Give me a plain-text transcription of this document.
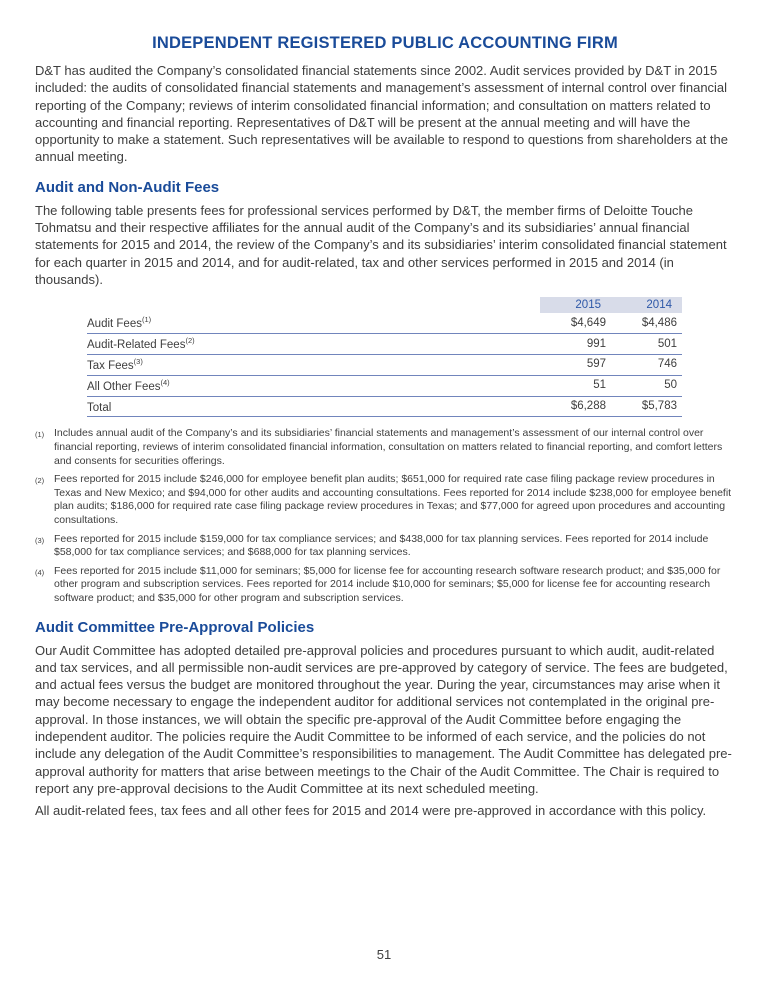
INDEPENDENT REGISTERED PUBLIC ACCOUNTING FIRM

D&T has audited the Company’s consolidated financial statements since 2002. Audit services provided by D&T in 2015 included: the audits of consolidated financial statements and management’s assessment of internal control over financial reporting of the Company; reviews of interim consolidated financial information; and consultation on matters related to accounting and financial reporting. Representatives of D&T will be present at the annual meeting and will have the opportunity to make a statement. Such representatives will be available to respond to questions from shareholders at the annual meeting.

Audit and Non-Audit Fees

The following table presents fees for professional services performed by D&T, the member firms of Deloitte Touche Tohmatsu and their respective affiliates for the annual audit of the Company’s and its subsidiaries’ annual financial statements for 2015 and 2014, the review of the Company’s and its subsidiaries’ interim consolidated financial statement for each quarter in 2015 and 2014, and for audit-related, tax and other services performed in 2015 and 2014 (in thousands).

	2015	2014
Audit Fees$^{(1)}$	$4,649	$4,486
Audit-Related Fees$^{(2)}$	991	501
Tax Fees$^{(3)}$	597	746
All Other Fees$^{(4)}$	51	50
Total	$6,288	$5,783
(1) Includes annual audit of the Company’s and its subsidiaries’ financial statements and management’s assessment of our internal control over financial reporting, reviews of interim consolidated financial information, consultation on matters related to financial reporting, and comfort letters and consents for securities offerings.
(2) Fees reported for 2015 include $246,000 for employee benefit plan audits; $651,000 for required rate case filing package review procedures in Texas and New Mexico; and $94,000 for other audits and accounting consultations. Fees reported for 2014 include $238,000 for employee benefit plan audits; $186,000 for required rate case filing package review procedures in Texas; and $77,000 for agreed upon procedures and accounting consultations.
(3) Fees reported for 2015 include $159,000 for tax compliance services; and $438,000 for tax planning services. Fees reported for 2014 include $58,000 for tax compliance services; and $688,000 for tax planning services.
(4) Fees reported for 2015 include $11,000 for seminars; $5,000 for license fee for accounting research software research product; and $35,000 for other program and subscription services. Fees reported for 2014 include $10,000 for seminars; $5,000 for license fee for accounting research software product; and $35,000 for other program and subscription services.
Audit Committee Pre-Approval Policies

Our Audit Committee has adopted detailed pre-approval policies and procedures pursuant to which audit, audit-related and tax services, and all permissible non-audit services are pre-approved by category of service. The fees are budgeted, and actual fees versus the budget are monitored throughout the year. During the year, circumstances may arise when it may become necessary to engage the independent auditor for additional services not contemplated in the original pre-approval. In those instances, we will obtain the specific pre-approval of the Audit Committee before engaging the independent auditor. The policies require the Audit Committee to be informed of each service, and the policies do not include any delegation of the Audit Committee’s responsibilities to management. The Audit Committee has delegated pre-approval authority for matters that arise between meetings to the Chair of the Audit Committee. The Chair is required to report any pre-approval decisions to the Audit Committee at its next scheduled meeting.

All audit-related fees, tax fees and all other fees for 2015 and 2014 were pre-approved in accordance with this policy.

51
